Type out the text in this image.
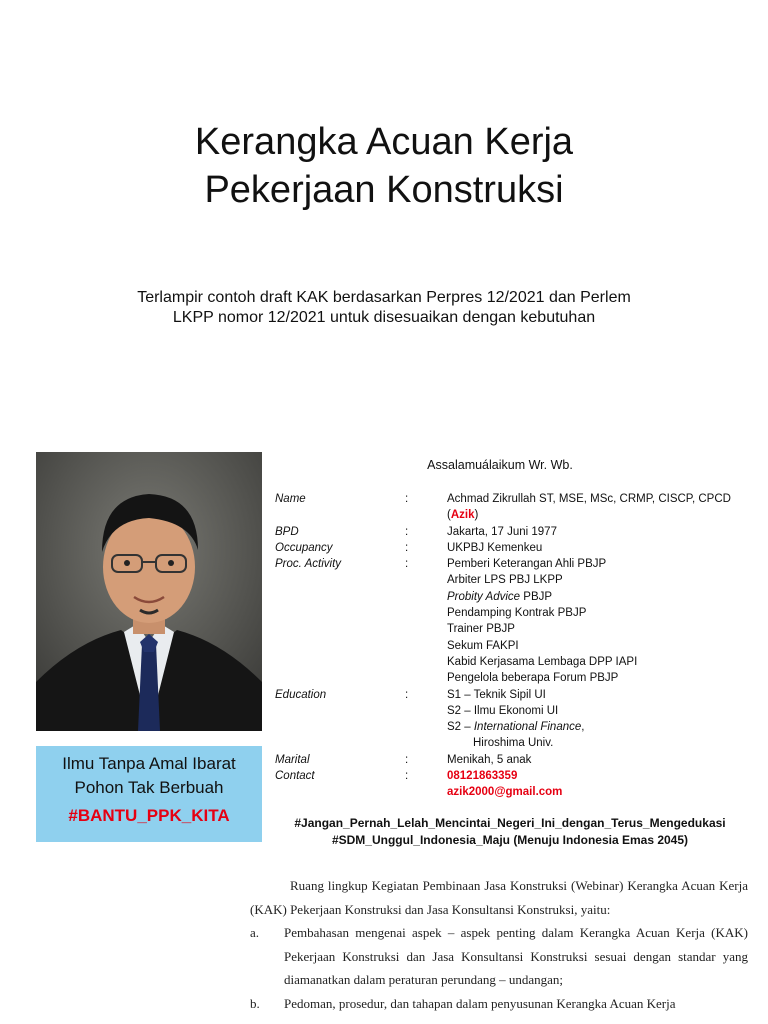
Kerangka Acuan Kerja
Pekerjaan Konstruksi
Terlampir contoh draft KAK berdasarkan Perpres 12/2021 dan Perlem
LKPP nomor 12/2021 untuk disesuaikan dengan kebutuhan
Ilmu Tanpa Amal Ibarat
Pohon Tak Berbuah
#BANTU_PPK_KITA
Assalamuálaikum Wr. Wb.
Name	:	Achmad Zikrullah ST, MSE, MSc, CRMP, CISCP, CPCD
(Azik)
BPD	:	Jakarta, 17 Juni 1977
Occupancy	:	UKPBJ Kemenkeu
Proc. Activity	:	Pemberi Keterangan Ahli PBJP
Arbiter LPS PBJ LKPP
Probity Advice PBJP
Pendamping Kontrak PBJP
Trainer PBJP
Sekum FAKPI
Kabid Kerjasama Lembaga DPP IAPI
Pengelola beberapa Forum PBJP
Education	:	S1 – Teknik Sipil UI
S2 – Ilmu Ekonomi UI
S2 – International Finance,
Hiroshima Univ.
Marital	:	Menikah, 5 anak
Contact	:	08121863359
azik2000@gmail.com
#Jangan_Pernah_Lelah_Mencintai_Negeri_Ini_dengan_Terus_Mengedukasi
#SDM_Unggul_Indonesia_Maju (Menuju Indonesia Emas 2045)

Ruang lingkup Kegiatan Pembinaan Jasa Konstruksi (Webinar) Kerangka Acuan Kerja (KAK) Pekerjaan Konstruksi dan Jasa Konsultansi Konstruksi, yaitu:

a.	Pembahasan mengenai aspek – aspek penting dalam Kerangka Acuan Kerja (KAK) Pekerjaan Konstruksi dan Jasa Konsultansi Konstruksi sesuai dengan standar yang diamanatkan dalam peraturan perundang – undangan;
b.	Pedoman, prosedur, dan tahapan dalam penyusunan Kerangka Acuan Kerja
